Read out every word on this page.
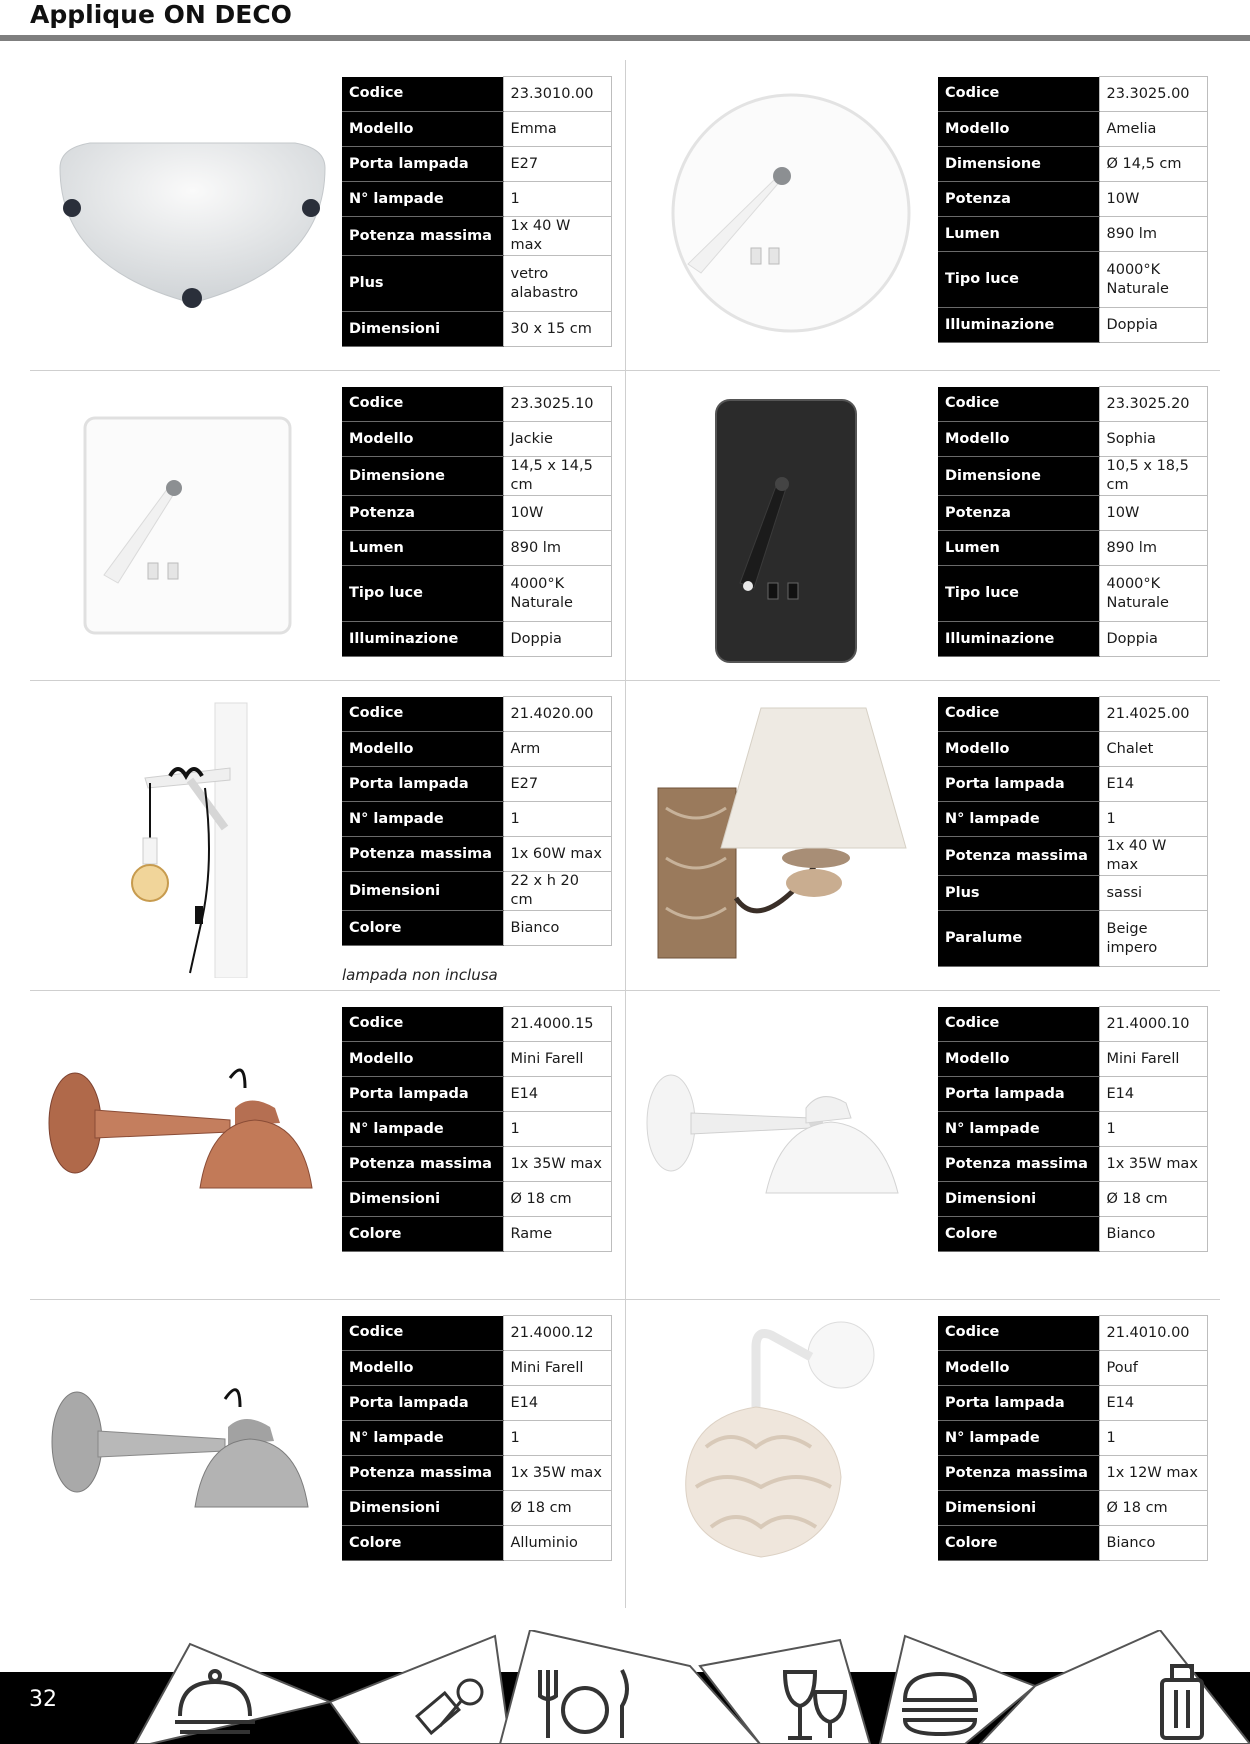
Applique ON DECO
Codice	23.3010.00
Modello	Emma
Porta lampada	E27
N° lampade	1
Potenza massima	1x 40 W max
Plus	vetro alabastro
Dimensioni	30 x 15 cm
Codice	23.3025.00
Modello	Amelia
Dimensione	Ø 14,5 cm
Potenza	10W
Lumen	890 lm
Tipo luce	4000°K Naturale
Illuminazione	Doppia
Codice	23.3025.10
Modello	Jackie
Dimensione	14,5 x 14,5 cm
Potenza	10W
Lumen	890 lm
Tipo luce	4000°K Naturale
Illuminazione	Doppia
Codice	23.3025.20
Modello	Sophia
Dimensione	10,5 x 18,5 cm
Potenza	10W
Lumen	890 lm
Tipo luce	4000°K Naturale
Illuminazione	Doppia
Codice	21.4020.00
Modello	Arm
Porta lampada	E27
N° lampade	1
Potenza massima	1x 60W max
Dimensioni	22 x h 20 cm
Colore	Bianco
lampada non inclusa
Codice	21.4025.00
Modello	Chalet
Porta lampada	E14
N° lampade	1
Potenza massima	1x 40 W max
Plus	sassi
Paralume	Beige impero
Codice	21.4000.15
Modello	Mini Farell
Porta lampada	E14
N° lampade	1
Potenza massima	1x 35W max
Dimensioni	Ø 18 cm
Colore	Rame
Codice	21.4000.10
Modello	Mini Farell
Porta lampada	E14
N° lampade	1
Potenza massima	1x 35W max
Dimensioni	Ø 18 cm
Colore	Bianco
Codice	21.4000.12
Modello	Mini Farell
Porta lampada	E14
N° lampade	1
Potenza massima	1x 35W max
Dimensioni	Ø 18 cm
Colore	Alluminio
Codice	21.4010.00
Modello	Pouf
Porta lampada	E14
N° lampade	1
Potenza massima	1x 12W max
Dimensioni	Ø 18 cm
Colore	Bianco
32
